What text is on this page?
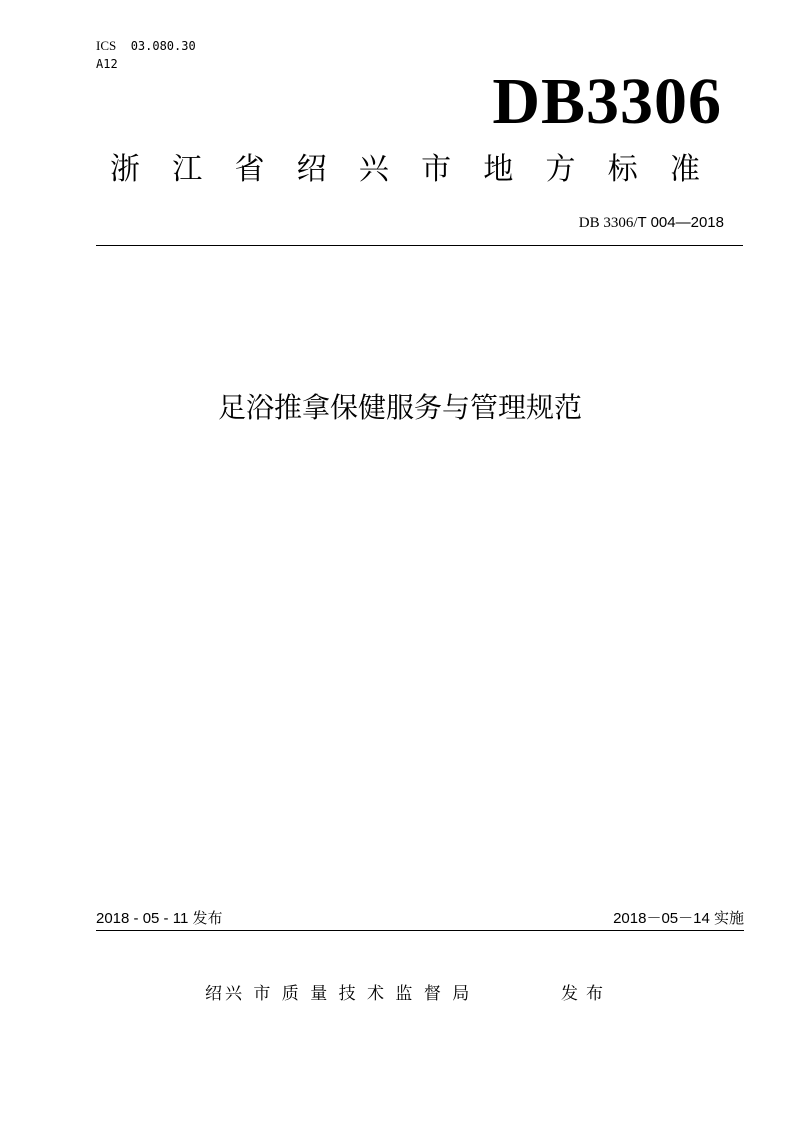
ICS 03.080.30
A12
DB3306
浙 江 省 绍 兴 市 地 方 标 准
DB 3306/T 004—2018
足浴推拿保健服务与管理规范
2018 - 05 - 11 发布	2018－05－14 实施
绍兴 市 质 量 技 术 监 督 局	发布
